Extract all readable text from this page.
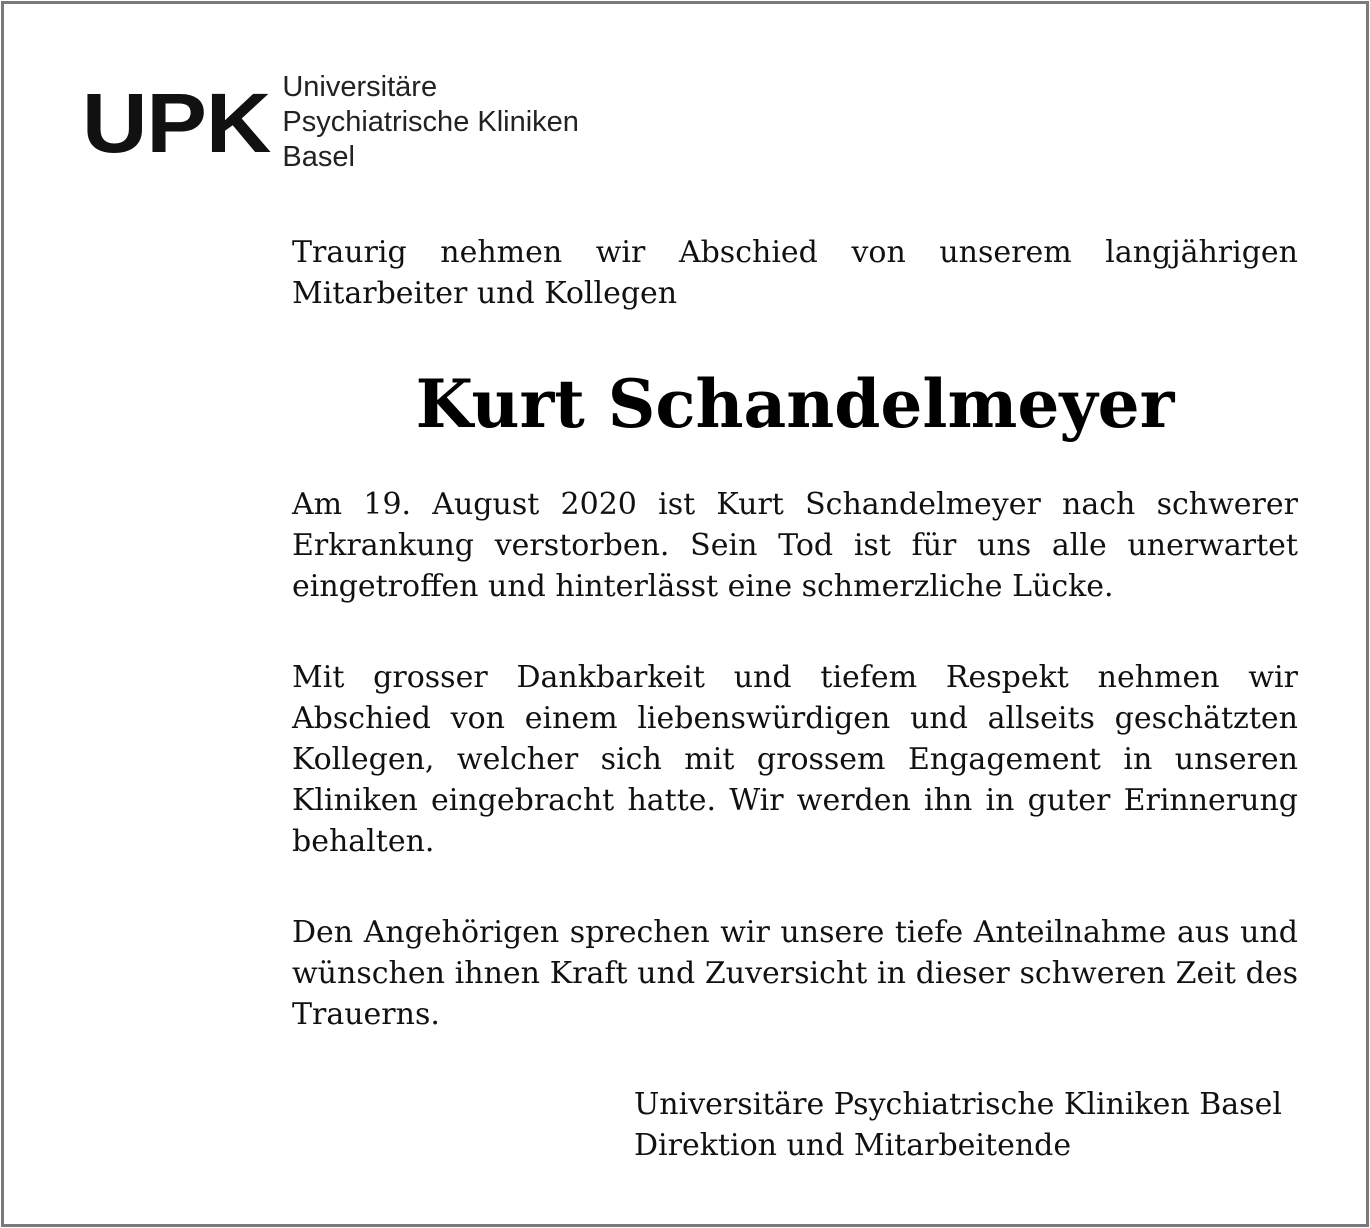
UPK Universitäre
Psychiatrische Kliniken
Basel

Traurig nehmen wir Abschied von unserem langjährigen Mitarbeiter und Kollegen

Kurt Schandelmeyer

Am 19. August 2020 ist Kurt Schandelmeyer nach schwerer Erkrankung verstorben. Sein Tod ist für uns alle unerwartet eingetroffen und hinterlässt eine schmerzliche Lücke.

Mit grosser Dankbarkeit und tiefem Respekt nehmen wir Abschied von einem liebenswürdigen und allseits geschätzten Kollegen, welcher sich mit grossem Engagement in unseren Kliniken eingebracht hatte. Wir werden ihn in guter Erinnerung behalten.

Den Angehörigen sprechen wir unsere tiefe Anteilnahme aus und wünschen ihnen Kraft und Zuversicht in dieser schweren Zeit des Trauerns.

Universitäre Psychiatrische Kliniken Basel
Direktion und Mitarbeitende
